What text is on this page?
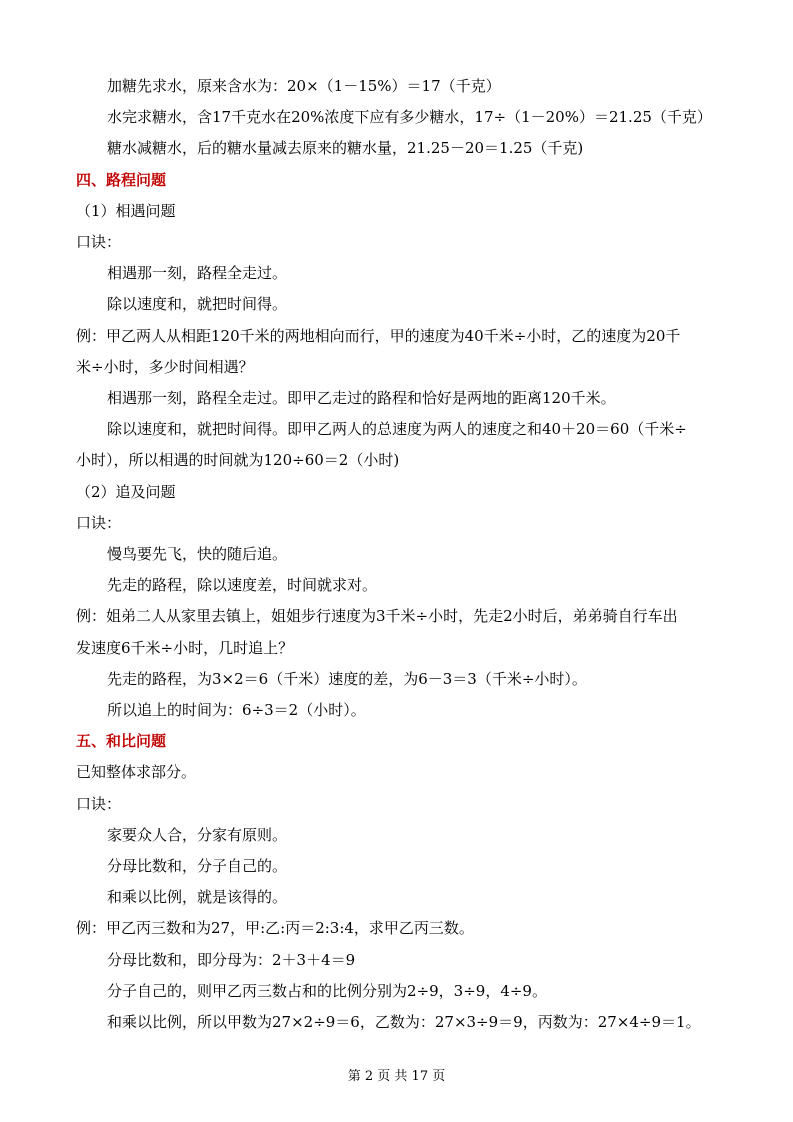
加糖先求水，原来含水为：20×（1－15%）＝17（千克）
水完求糖水，含17千克水在20%浓度下应有多少糖水，17÷（1－20%）＝21.25（千克）
糖水减糖水，后的糖水量减去原来的糖水量，21.25－20＝1.25（千克)
四、路程问题
（1）相遇问题
口诀：
相遇那一刻，路程全走过。
除以速度和，就把时间得。
例：甲乙两人从相距120千米的两地相向而行，甲的速度为40千米÷小时，乙的速度为20千
米÷小时，多少时间相遇？
相遇那一刻，路程全走过。即甲乙走过的路程和恰好是两地的距离120千米。
除以速度和，就把时间得。即甲乙两人的总速度为两人的速度之和40＋20＝60（千米÷
小时），所以相遇的时间就为120÷60＝2（小时)
（2）追及问题
口诀：
慢鸟要先飞，快的随后追。
先走的路程，除以速度差，时间就求对。
例：姐弟二人从家里去镇上，姐姐步行速度为3千米÷小时，先走2小时后，弟弟骑自行车出
发速度6千米÷小时，几时追上？
先走的路程，为3×2＝6（千米）速度的差，为6－3＝3（千米÷小时）。
所以追上的时间为：6÷3＝2（小时）。
五、和比问题
已知整体求部分。
口诀：
家要众人合，分家有原则。
分母比数和，分子自己的。
和乘以比例，就是该得的。
例：甲乙丙三数和为27，甲:乙:丙＝2:3:4，求甲乙丙三数。
分母比数和，即分母为：2＋3＋4＝9
分子自己的，则甲乙丙三数占和的比例分别为2÷9，3÷9，4÷9。
和乘以比例，所以甲数为27×2÷9＝6，乙数为：27×3÷9＝9，丙数为：27×4÷9＝1。
第 2 页 共 17 页
